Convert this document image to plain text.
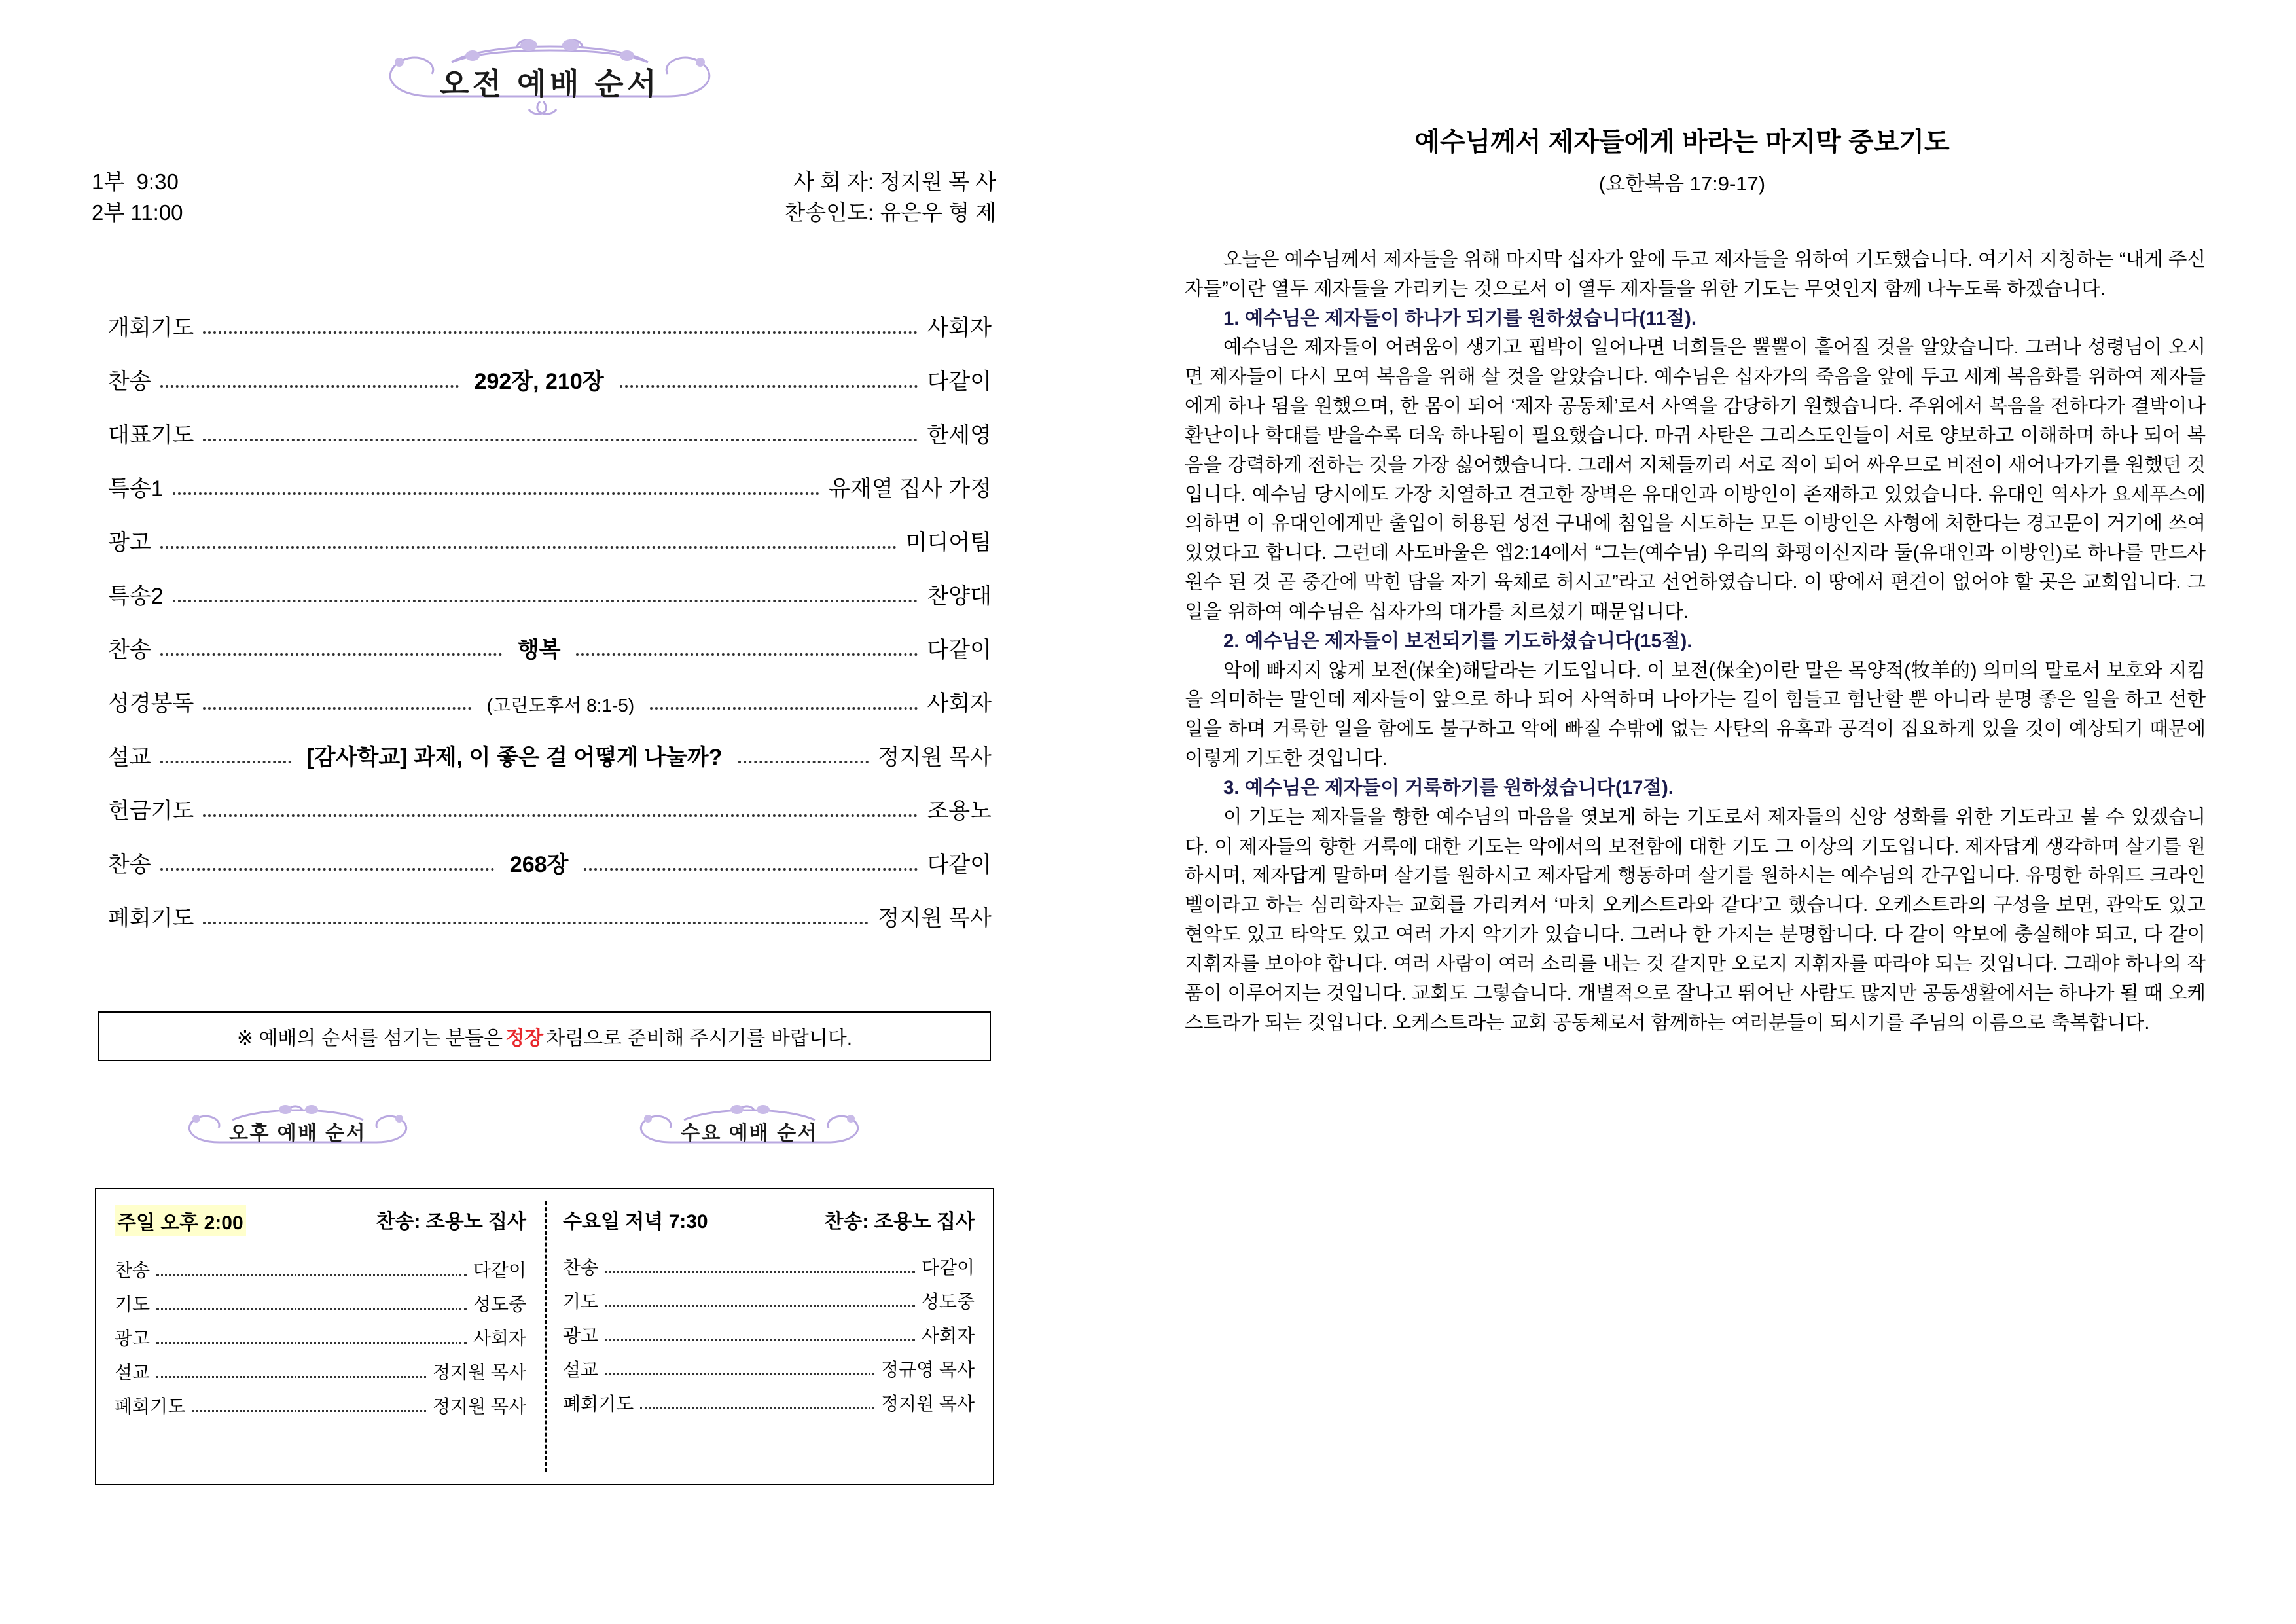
오전 예배 순서
1부  9:30
2부 11:00
사 회 자: 정지원 목 사
찬송인도: 유은우 형 제
개회기도	사회자
찬송	292장, 210장	다같이
대표기도	한세영
특송1	유재열 집사 가정
광고	미디어팀
특송2	찬양대
찬송	행복	다같이
성경봉독	(고린도후서 8:1-5)	사회자
설교	[감사학교] 과제, 이 좋은 걸 어떻게 나눌까?	정지원 목사
헌금기도	조용노
찬송	268장	다같이
폐회기도	정지원 목사
※ 예배의 순서를 섬기는 분들은 정장 차림으로 준비해 주시기를 바랍니다.
오후 예배 순서	수요 예배 순서
주일 오후 2:00	찬송: 조용노 집사
찬송	다같이
기도	성도중
광고	사회자
설교	정지원 목사
폐회기도	정지원 목사
수요일 저녁 7:30	찬송: 조용노 집사
찬송	다같이
기도	성도중
광고	사회자
설교	정규영 목사
폐회기도	정지원 목사
예수님께서 제자들에게 바라는 마지막 중보기도
(요한복음 17:9-17)

오늘은 예수님께서 제자들을 위해 마지막 십자가 앞에 두고 제자들을 위하여 기도했습니다. 여기서 지칭하는 “내게 주신 자들”이란 열두 제자들을 가리키는 것으로서 이 열두 제자들을 위한 기도는 무엇인지 함께 나누도록 하겠습니다.

1. 예수님은 제자들이 하나가 되기를 원하셨습니다(11절).

예수님은 제자들이 어려움이 생기고 핍박이 일어나면 너희들은 뿔뿔이 흩어질 것을 알았습니다. 그러나 성령님이 오시면 제자들이 다시 모여 복음을 위해 살 것을 알았습니다. 예수님은 십자가의 죽음을 앞에 두고 세계 복음화를 위하여 제자들에게 하나 됨을 원했으며, 한 몸이 되어 ‘제자 공동체’로서 사역을 감당하기 원했습니다. 주위에서 복음을 전하다가 결박이나 환난이나 학대를 받을수록 더욱 하나됨이 필요했습니다. 마귀 사탄은 그리스도인들이 서로 양보하고 이해하며 하나 되어 복음을 강력하게 전하는 것을 가장 싫어했습니다. 그래서 지체들끼리 서로 적이 되어 싸우므로 비전이 새어나가기를 원했던 것입니다. 예수님 당시에도 가장 치열하고 견고한 장벽은 유대인과 이방인이 존재하고 있었습니다. 유대인 역사가 요세푸스에 의하면 이 유대인에게만 출입이 허용된 성전 구내에 침입을 시도하는 모든 이방인은 사형에 처한다는 경고문이 거기에 쓰여 있었다고 합니다. 그런데 사도바울은 엡2:14에서 “그는(예수님) 우리의 화평이신지라 둘(유대인과 이방인)로 하나를 만드사 원수 된 것 곧 중간에 막힌 담을 자기 육체로 허시고”라고 선언하였습니다. 이 땅에서 편견이 없어야 할 곳은 교회입니다. 그 일을 위하여 예수님은 십자가의 대가를 치르셨기 때문입니다.

2. 예수님은 제자들이 보전되기를 기도하셨습니다(15절).

악에 빠지지 않게 보전(保全)해달라는 기도입니다. 이 보전(保全)이란 말은 목양적(牧羊的) 의미의 말로서 보호와 지킴을 의미하는 말인데 제자들이 앞으로 하나 되어 사역하며 나아가는 길이 힘들고 험난할 뿐 아니라 분명 좋은 일을 하고 선한 일을 하며 거룩한 일을 함에도 불구하고 악에 빠질 수밖에 없는 사탄의 유혹과 공격이 집요하게 있을 것이 예상되기 때문에 이렇게 기도한 것입니다.

3. 예수님은 제자들이 거룩하기를 원하셨습니다(17절).

이 기도는 제자들을 향한 예수님의 마음을 엿보게 하는 기도로서 제자들의 신앙 성화를 위한 기도라고 볼 수 있겠습니다. 이 제자들의 향한 거룩에 대한 기도는 악에서의 보전함에 대한 기도 그 이상의 기도입니다. 제자답게 생각하며 살기를 원하시며, 제자답게 말하며 살기를 원하시고 제자답게 행동하며 살기를 원하시는 예수님의 간구입니다. 유명한 하워드 크라인벨이라고 하는 심리학자는 교회를 가리켜서 ‘마치 오케스트라와 같다’고 했습니다. 오케스트라의 구성을 보면, 관악도 있고 현악도 있고 타악도 있고 여러 가지 악기가 있습니다. 그러나 한 가지는 분명합니다. 다 같이 악보에 충실해야 되고, 다 같이 지휘자를 보아야 합니다. 여러 사람이 여러 소리를 내는 것 같지만 오로지 지휘자를 따라야 되는 것입니다. 그래야 하나의 작품이 이루어지는 것입니다. 교회도 그렇습니다. 개별적으로 잘나고 뛰어난 사람도 많지만 공동생활에서는 하나가 될 때 오케스트라가 되는 것입니다. 오케스트라는 교회 공동체로서 함께하는 여러분들이 되시기를 주님의 이름으로 축복합니다.
